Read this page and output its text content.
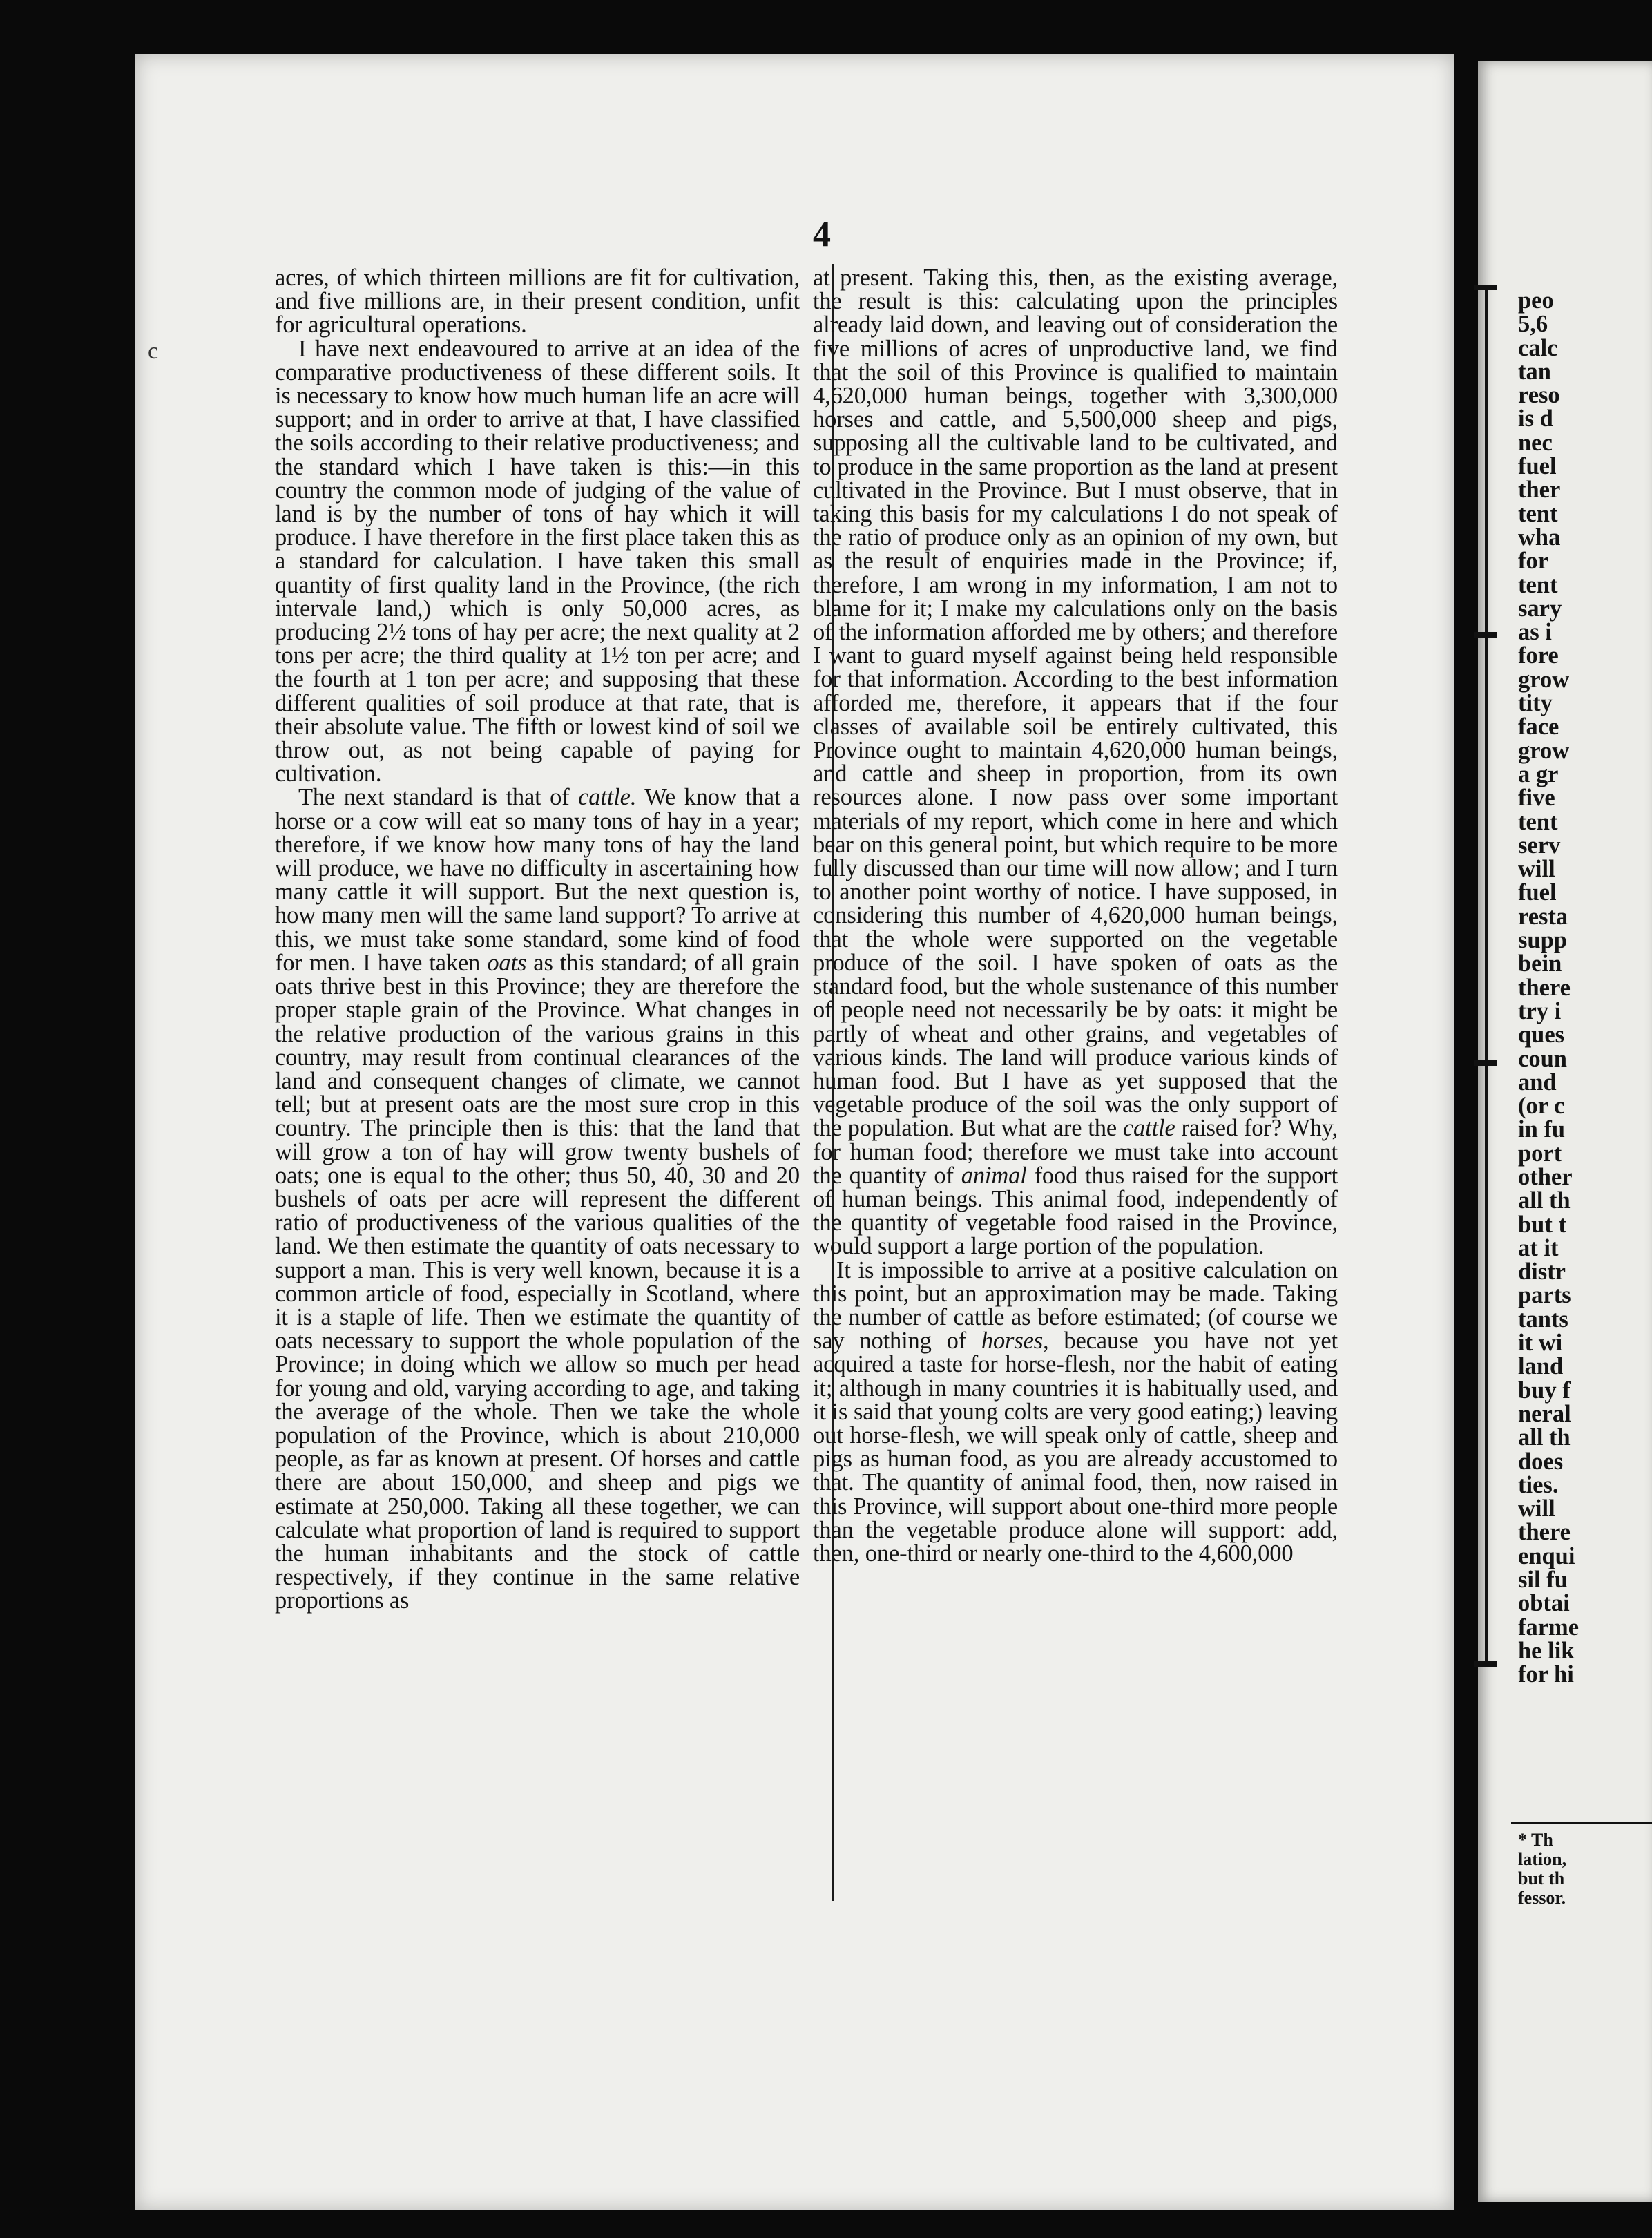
4
c

acres, of which thirteen millions are fit for cultivation, and five millions are, in their present condition, unfit for agricultural operations.

I have next endeavoured to arrive at an idea of the comparative productiveness of these different soils. It is necessary to know how much human life an acre will support; and in order to arrive at that, I have classified the soils according to their relative productiveness; and the standard which I have taken is this:—in this country the common mode of judging of the value of land is by the number of tons of hay which it will produce. I have therefore in the first place taken this as a standard for calculation. I have taken this small quantity of first quality land in the Province, (the rich intervale land,) which is only 50,000 acres, as producing 2½ tons of hay per acre; the next quality at 2 tons per acre; the third quality at 1½ ton per acre; and the fourth at 1 ton per acre; and supposing that these different qualities of soil produce at that rate, that is their absolute value. The fifth or lowest kind of soil we throw out, as not being capable of paying for cultivation.

The next standard is that of cattle. We know that a horse or a cow will eat so many tons of hay in a year; therefore, if we know how many tons of hay the land will produce, we have no difficulty in ascertaining how many cattle it will support. But the next question is, how many men will the same land support? To arrive at this, we must take some standard, some kind of food for men. I have taken oats as this standard; of all grain oats thrive best in this Province; they are therefore the proper staple grain of the Province. What changes in the relative production of the various grains in this country, may result from continual clearances of the land and consequent changes of climate, we cannot tell; but at present oats are the most sure crop in this country. The principle then is this: that the land that will grow a ton of hay will grow twenty bushels of oats; one is equal to the other; thus 50, 40, 30 and 20 bushels of oats per acre will represent the different ratio of productiveness of the various qualities of the land. We then estimate the quantity of oats necessary to support a man. This is very well known, because it is a common article of food, especially in Scotland, where it is a staple of life. Then we estimate the quantity of oats necessary to support the whole population of the Province; in doing which we allow so much per head for young and old, varying according to age, and taking the average of the whole. Then we take the whole population of the Province, which is about 210,000 people, as far as known at present. Of horses and cattle there are about 150,000, and sheep and pigs we estimate at 250,000. Taking all these together, we can calculate what proportion of land is required to support the human inhabitants and the stock of cattle respectively, if they continue in the same relative proportions as

at present. Taking this, then, as the existing average, the result is this: calculating upon the principles already laid down, and leaving out of consideration the five millions of acres of unproductive land, we find that the soil of this Province is qualified to maintain 4,620,000 human beings, together with 3,300,000 horses and cattle, and 5,500,000 sheep and pigs, supposing all the cultivable land to be cultivated, and to produce in the same proportion as the land at present cultivated in the Province. But I must observe, that in taking this basis for my calculations I do not speak of the ratio of produce only as an opinion of my own, but as the result of enquiries made in the Province; if, therefore, I am wrong in my information, I am not to blame for it; I make my calculations only on the basis of the information afforded me by others; and therefore I want to guard myself against being held responsible for that information. According to the best information afforded me, therefore, it appears that if the four classes of available soil be entirely cultivated, this Province ought to maintain 4,620,000 human beings, and cattle and sheep in proportion, from its own resources alone. I now pass over some important materials of my report, which come in here and which bear on this general point, but which require to be more fully discussed than our time will now allow; and I turn to another point worthy of notice. I have supposed, in considering this number of 4,620,000 human beings, that the whole were supported on the vegetable produce of the soil. I have spoken of oats as the standard food, but the whole sustenance of this number of people need not necessarily be by oats: it might be partly of wheat and other grains, and vegetables of various kinds. The land will produce various kinds of human food. But I have as yet supposed that the vegetable produce of the soil was the only support of the population. But what are the cattle raised for? Why, for human food; therefore we must take into account the quantity of animal food thus raised for the support of human beings. This animal food, independently of the quantity of vegetable food raised in the Province, would support a large portion of the population.

It is impossible to arrive at a positive calculation on this point, but an approximation may be made. Taking the number of cattle as before estimated; (of course we say nothing of horses, because you have not yet acquired a taste for horse-flesh, nor the habit of eating it; although in many countries it is habitually used, and it is said that young colts are very good eating;) leaving out horse-flesh, we will speak only of cattle, sheep and pigs as human food, as you are already accustomed to that. The quantity of animal food, then, now raised in this Province, will support about one-third more people than the vegetable produce alone will support: add, then, one-third or nearly one-third to the 4,600,000

peo
5,6
calc
tan
reso
is d
nec
fuel
ther
tent
wha
for
tent
sary
as i
fore
grow
tity
face
grow
a gr
five
tent
serv
will
fuel
resta
supp
bein
there
try i
ques
coun
and
(or c
in fu
port
other
all th
but t
at it
distr
parts
tants
it wi
land
buy f
neral
all th
does
ties.
will
there
enqui
sil fu
obtai
farme
he lik
for hi
* Th
lation,
but th
fessor.
